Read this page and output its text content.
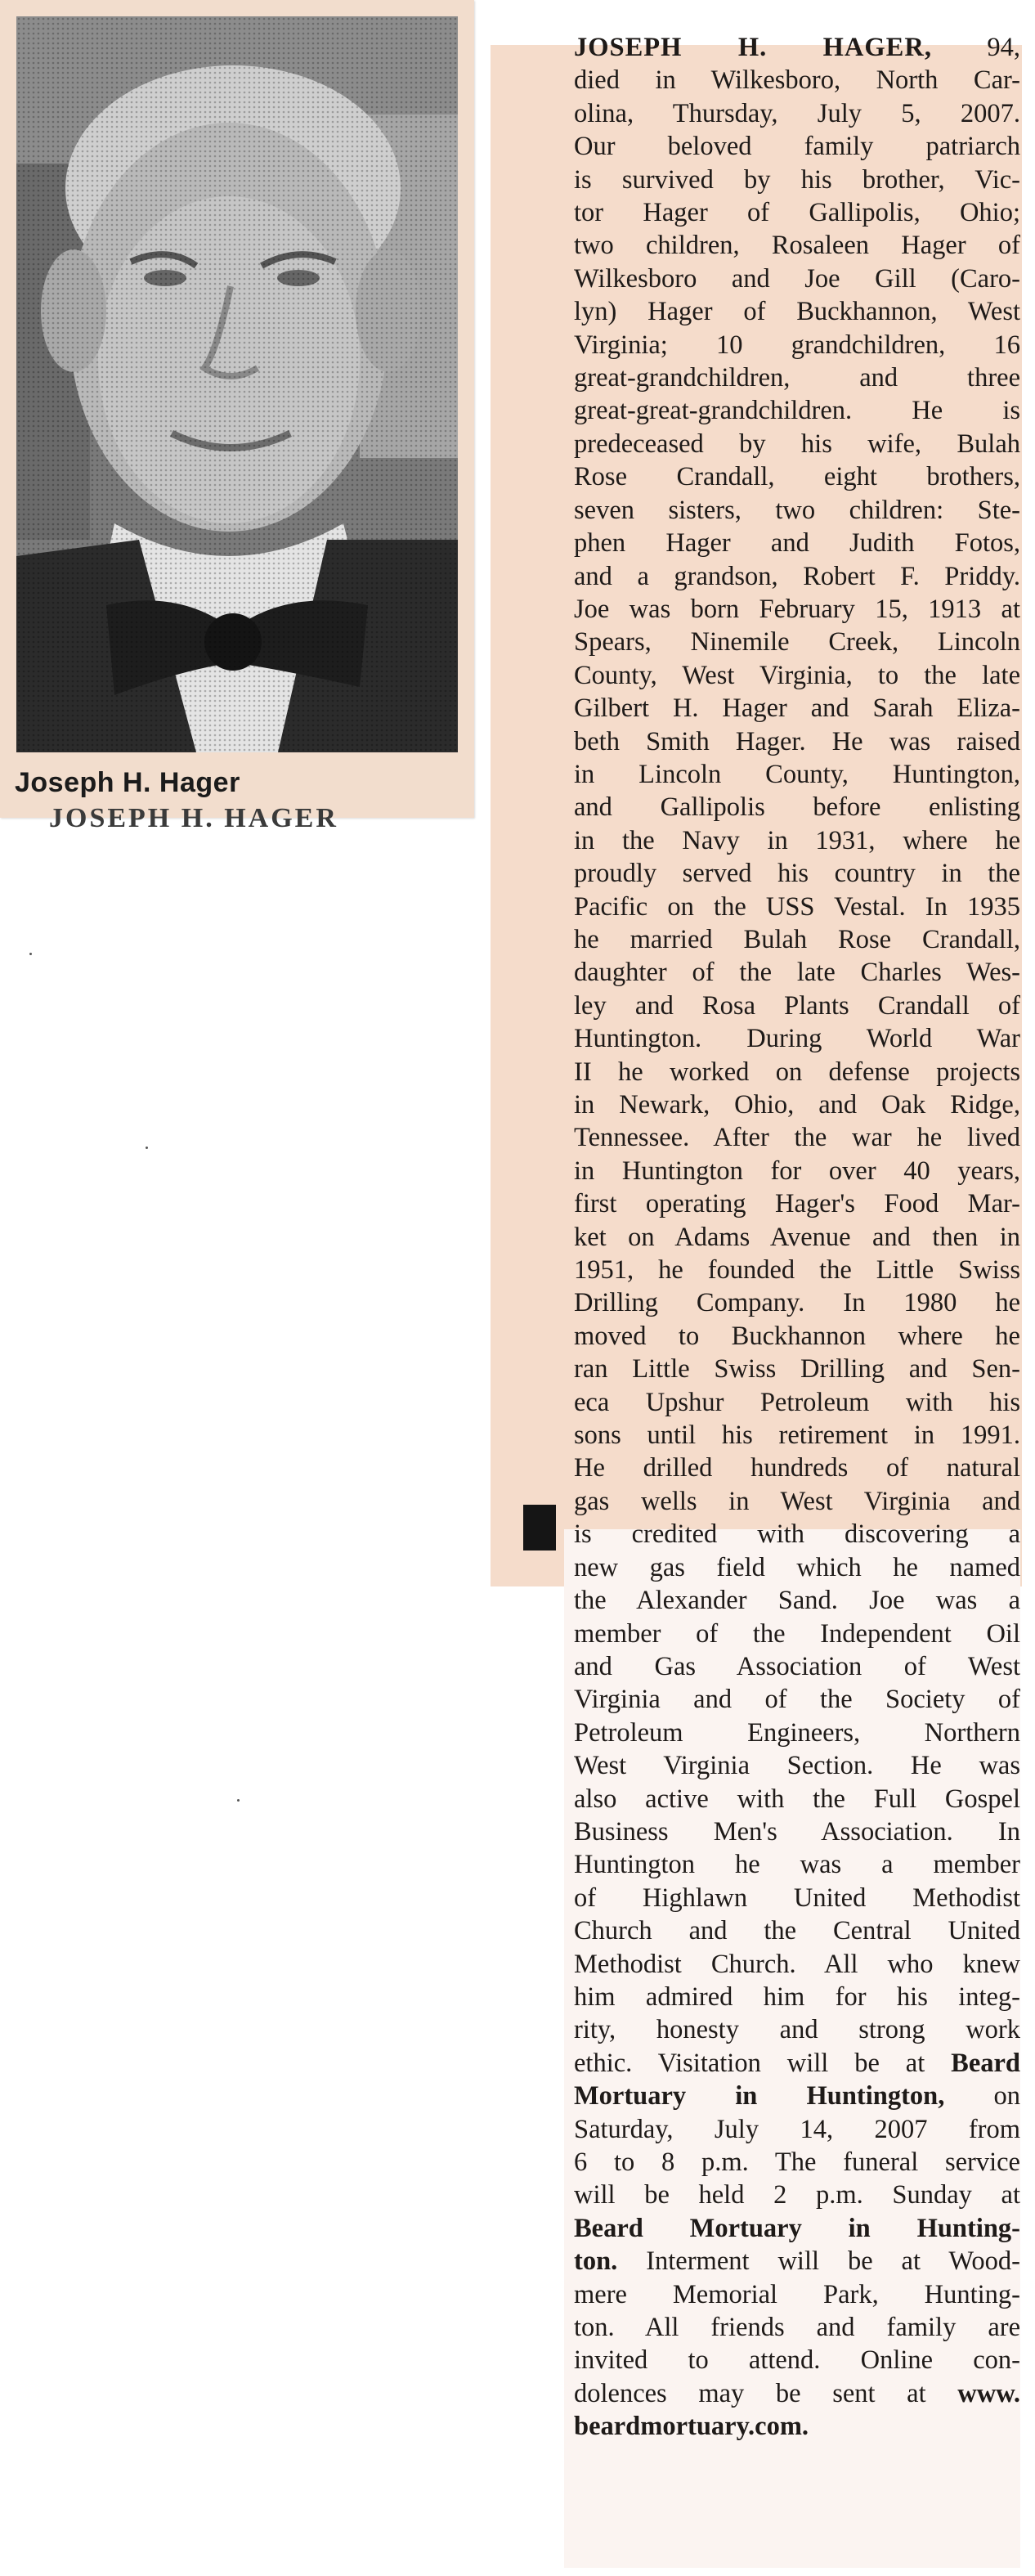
Joseph H. Hager
JOSEPH H. HAGER
JOSEPH H. HAGER, 94,
died in Wilkesboro, North Car-
olina, Thursday, July 5, 2007.
Our beloved family patriarch
is survived by his brother, Vic-
tor Hager of Gallipolis, Ohio;
two children, Rosaleen Hager of
Wilkesboro and Joe Gill (Caro-
lyn) Hager of Buckhannon, West
Virginia; 10 grandchildren, 16
great-grandchildren, and three
great-great-grandchildren. He is
predeceased by his wife, Bulah
Rose Crandall, eight brothers,
seven sisters, two children: Ste-
phen Hager and Judith Fotos,
and a grandson, Robert F. Priddy.
Joe was born February 15, 1913 at
Spears, Ninemile Creek, Lincoln
County, West Virginia, to the late
Gilbert H. Hager and Sarah Eliza-
beth Smith Hager. He was raised
in Lincoln County, Huntington,
and Gallipolis before enlisting
in the Navy in 1931, where he
proudly served his country in the
Pacific on the USS Vestal. In 1935
he married Bulah Rose Crandall,
daughter of the late Charles Wes-
ley and Rosa Plants Crandall of
Huntington. During World War
II he worked on defense projects
in Newark, Ohio, and Oak Ridge,
Tennessee. After the war he lived
in Huntington for over 40 years,
first operating Hager's Food Mar-
ket on Adams Avenue and then in
1951, he founded the Little Swiss
Drilling Company. In 1980 he
moved to Buckhannon where he
ran Little Swiss Drilling and Sen-
eca Upshur Petroleum with his
sons until his retirement in 1991.
He drilled hundreds of natural
gas wells in West Virginia and
is credited with discovering a
new gas field which he named
the Alexander Sand. Joe was a
member of the Independent Oil
and Gas Association of West
Virginia and of the Society of
Petroleum Engineers, Northern
West Virginia Section. He was
also active with the Full Gospel
Business Men's Association. In
Huntington he was a member
of Highlawn United Methodist
Church and the Central United
Methodist Church. All who knew
him admired him for his integ-
rity, honesty and strong work
ethic. Visitation will be at Beard
Mortuary in Huntington, on
Saturday, July 14, 2007 from
6 to 8 p.m. The funeral service
will be held 2 p.m. Sunday at
Beard Mortuary in Hunting-
ton. Interment will be at Wood-
mere Memorial Park, Hunting-
ton. All friends and family are
invited to attend. Online con-
dolences may be sent at www.
beardmortuary.com.
